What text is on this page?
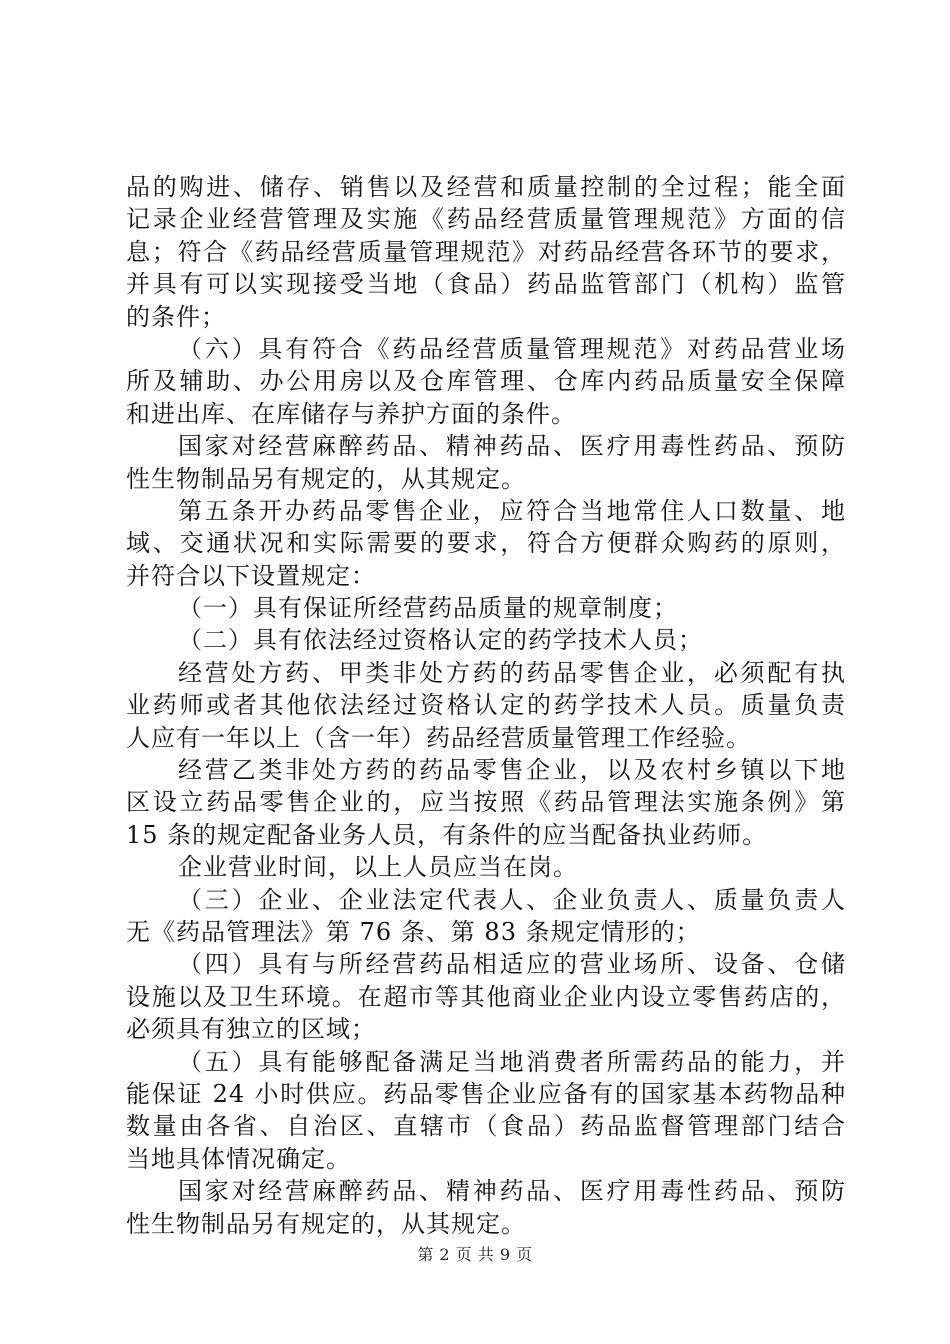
品的购进、储存、销售以及经营和质量控制的全过程；能全面
记录企业经营管理及实施《药品经营质量管理规范》方面的信
息；符合《药品经营质量管理规范》对药品经营各环节的要求，
并具有可以实现接受当地（食品）药品监管部门（机构）监管
的条件；
（六）具有符合《药品经营质量管理规范》对药品营业场
所及辅助、办公用房以及仓库管理、仓库内药品质量安全保障
和进出库、在库储存与养护方面的条件。
国家对经营麻醉药品、精神药品、医疗用毒性药品、预防
性生物制品另有规定的，从其规定。
第五条开办药品零售企业，应符合当地常住人口数量、地
域、交通状况和实际需要的要求，符合方便群众购药的原则，
并符合以下设置规定：
（一）具有保证所经营药品质量的规章制度；
（二）具有依法经过资格认定的药学技术人员；
经营处方药、甲类非处方药的药品零售企业，必须配有执
业药师或者其他依法经过资格认定的药学技术人员。质量负责
人应有一年以上（含一年）药品经营质量管理工作经验。
经营乙类非处方药的药品零售企业，以及农村乡镇以下地
区设立药品零售企业的，应当按照《药品管理法实施条例》第
15 条的规定配备业务人员，有条件的应当配备执业药师。
企业营业时间，以上人员应当在岗。
（三）企业、企业法定代表人、企业负责人、质量负责人
无《药品管理法》第 76 条、第 83 条规定情形的；
（四）具有与所经营药品相适应的营业场所、设备、仓储
设施以及卫生环境。在超市等其他商业企业内设立零售药店的，
必须具有独立的区域；
（五）具有能够配备满足当地消费者所需药品的能力，并
能保证 24 小时供应。药品零售企业应备有的国家基本药物品种
数量由各省、自治区、直辖市（食品）药品监督管理部门结合
当地具体情况确定。
国家对经营麻醉药品、精神药品、医疗用毒性药品、预防
性生物制品另有规定的，从其规定。
第 2 页 共 9 页
